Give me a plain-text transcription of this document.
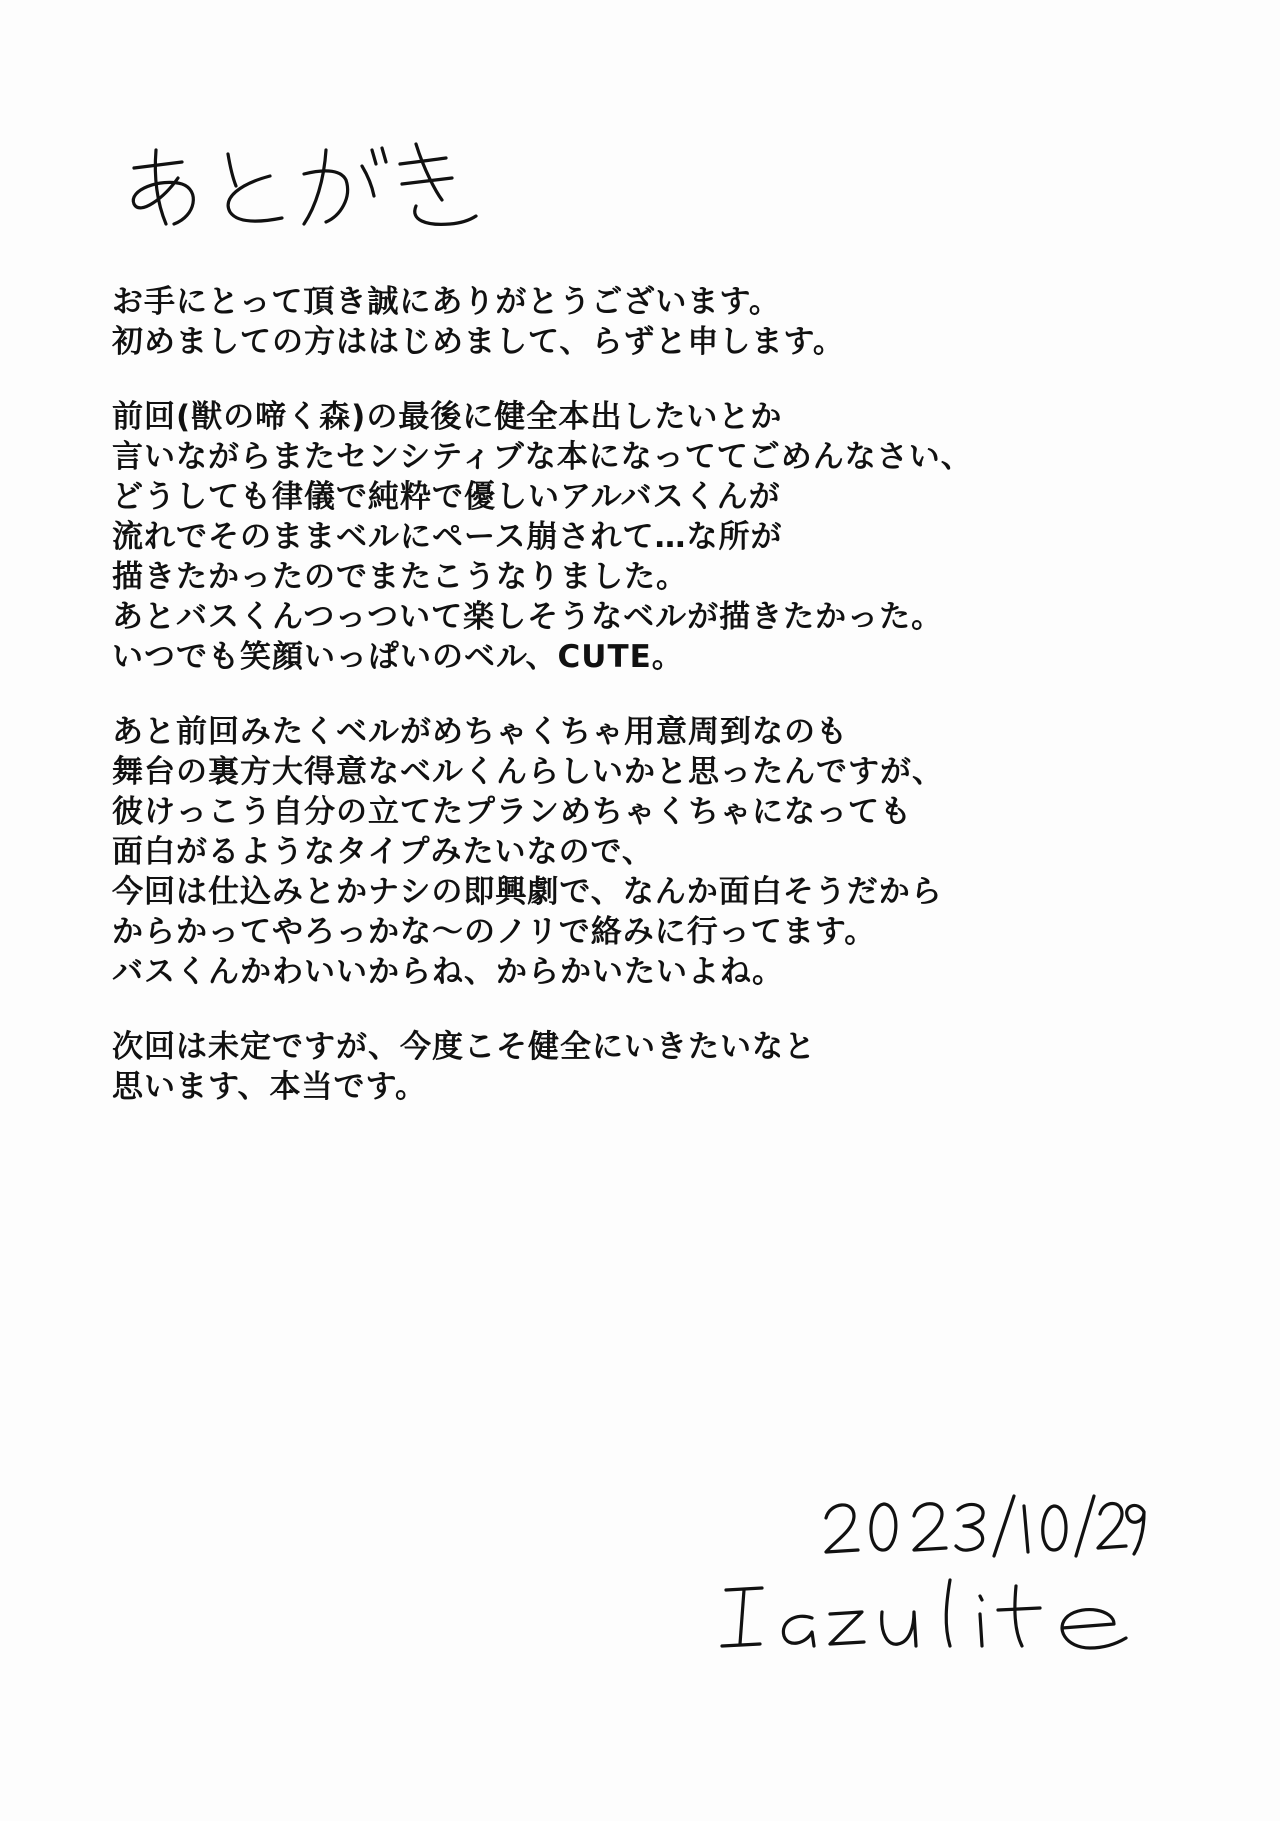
お手にとって頂き誠にありがとうございます。
初めましての方ははじめまして、らずと申します。

前回(獣の啼く森)の最後に健全本出したいとか
言いながらまたセンシティブな本になっててごめんなさい、
どうしても律儀で純粋で優しいアルバスくんが
流れでそのままベルにペース崩されて…な所が
描きたかったのでまたこうなりました。
あとバスくんつっついて楽しそうなベルが描きたかった。
いつでも笑顔いっぱいのベル、CUTE。

あと前回みたくベルがめちゃくちゃ用意周到なのも
舞台の裏方大得意なベルくんらしいかと思ったんですが、
彼けっこう自分の立てたプランめちゃくちゃになっても
面白がるようなタイプみたいなので、
今回は仕込みとかナシの即興劇で、なんか面白そうだから
からかってやろっかな～のノリで絡みに行ってます。
バスくんかわいいからね、からかいたいよね。

次回は未定ですが、今度こそ健全にいきたいなと
思います、本当です。
